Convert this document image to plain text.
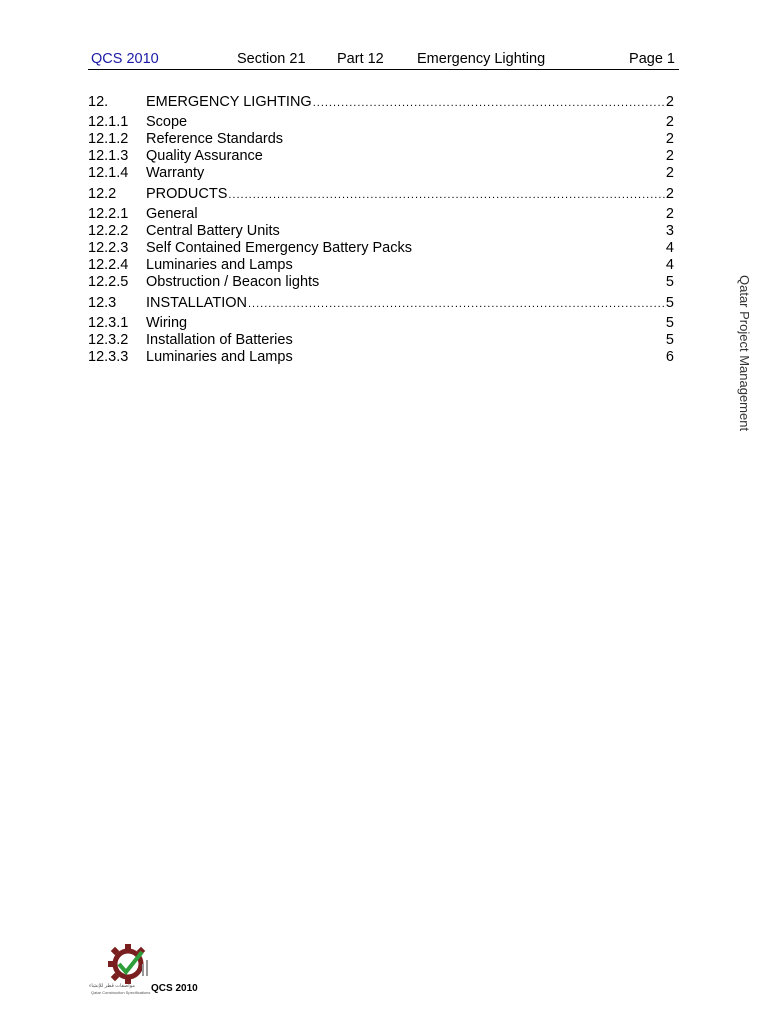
QCS 2010	Section 21 Part 12 Emergency Lighting	Page 1
12.	EMERGENCY LIGHTING .....	2
12.1.1	Scope	2
12.1.2	Reference Standards	2
12.1.3	Quality Assurance	2
12.1.4	Warranty	2
12.2	PRODUCTS .....	2
12.2.1	General	2
12.2.2	Central Battery Units	3
12.2.3	Self Contained Emergency Battery Packs	4
12.2.4	Luminaries and Lamps	4
12.2.5	Obstruction / Beacon lights	5
12.3	INSTALLATION .....	5
12.3.1	Wiring	5
12.3.2	Installation of Batteries	5
12.3.3	Luminaries and Lamps	6	Qatar Project Management
مواصفات قطر للإنشاء
Qatar Construction Specifications QCS 2010
